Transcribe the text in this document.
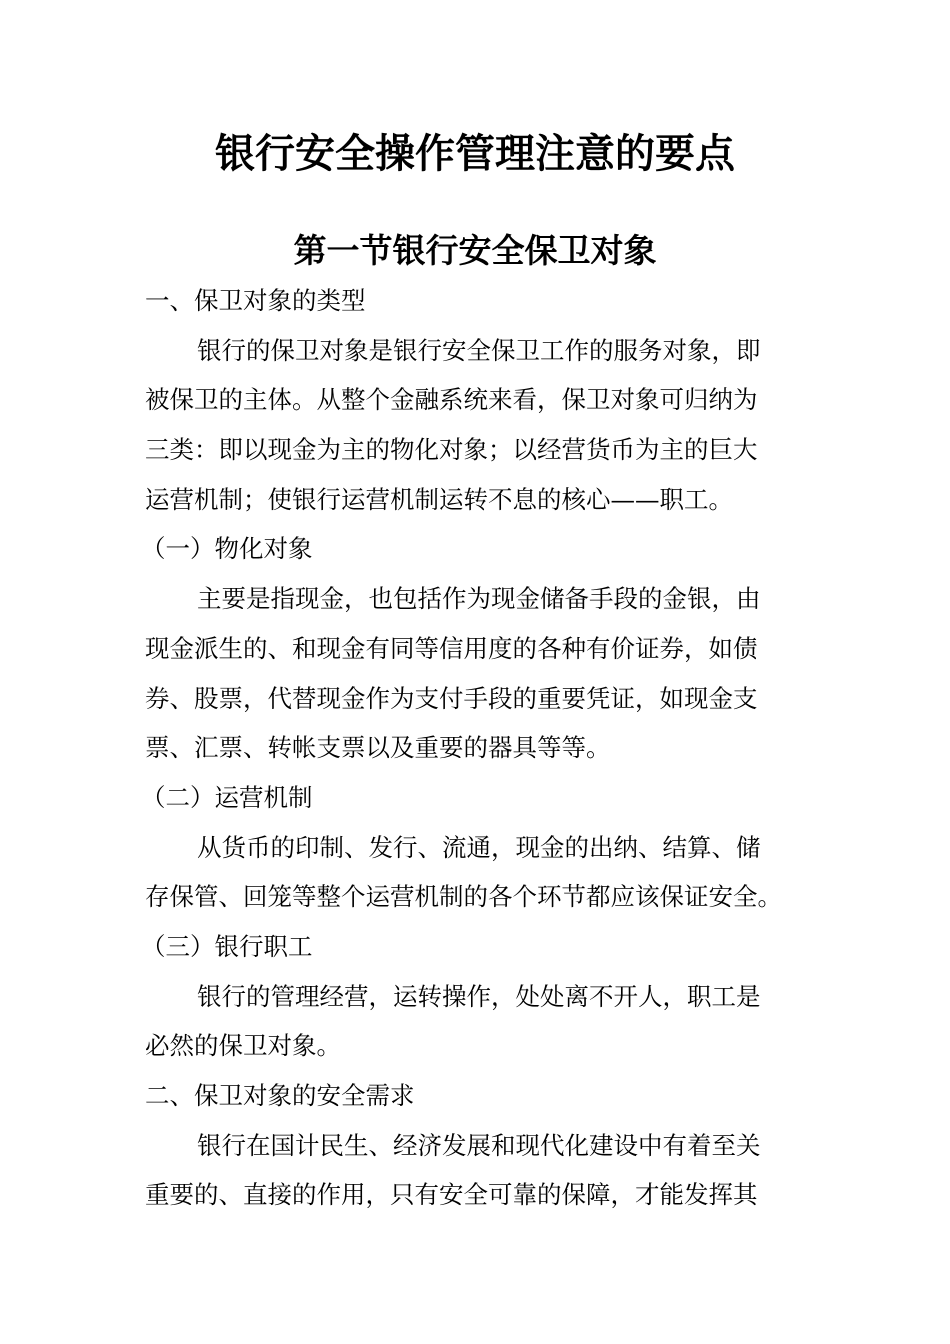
银行安全操作管理注意的要点
第一节银行安全保卫对象
一、保卫对象的类型
银行的保卫对象是银行安全保卫工作的服务对象，即
被保卫的主体。从整个金融系统来看，保卫对象可归纳为
三类：即以现金为主的物化对象；以经营货币为主的巨大
运营机制；使银行运营机制运转不息的核心——职工。
（一）物化对象
主要是指现金，也包括作为现金储备手段的金银，由
现金派生的、和现金有同等信用度的各种有价证券，如债
券、股票，代替现金作为支付手段的重要凭证，如现金支
票、汇票、转帐支票以及重要的器具等等。
（二）运营机制
从货币的印制、发行、流通，现金的出纳、结算、储
存保管、回笼等整个运营机制的各个环节都应该保证安全。
（三）银行职工
银行的管理经营，运转操作，处处离不开人，职工是
必然的保卫对象。
二、保卫对象的安全需求
银行在国计民生、经济发展和现代化建设中有着至关
重要的、直接的作用，只有安全可靠的保障，才能发挥其
